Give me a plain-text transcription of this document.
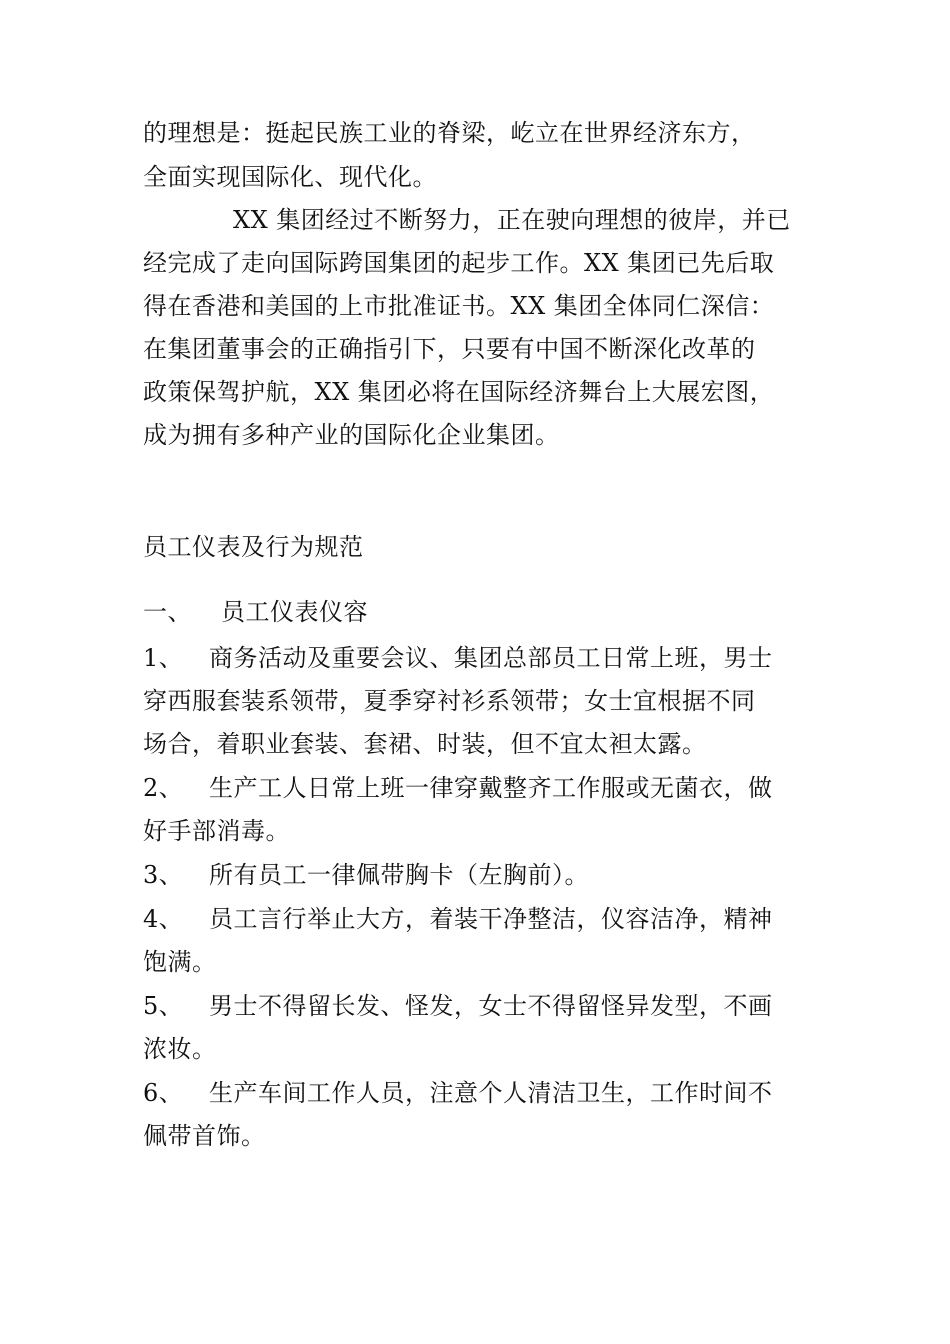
的理想是：挺起民族工业的脊梁，屹立在世界经济东方，
全面实现国际化、现代化。
XX 集团经过不断努力，正在驶向理想的彼岸，并已
经完成了走向国际跨国集团的起步工作。XX 集团已先后取
得在香港和美国的上市批准证书。XX 集团全体同仁深信：
在集团董事会的正确指引下，只要有中国不断深化改革的
政策保驾护航，XX 集团必将在国际经济舞台上大展宏图，
成为拥有多种产业的国际化企业集团。
员工仪表及行为规范
一、 员工仪表仪容
1、 商务活动及重要会议、集团总部员工日常上班，男士
穿西服套装系领带，夏季穿衬衫系领带；女士宜根据不同
场合，着职业套装、套裙、时装，但不宜太袒太露。
2、 生产工人日常上班一律穿戴整齐工作服或无菌衣，做
好手部消毒。
3、 所有员工一律佩带胸卡（左胸前）。
4、 员工言行举止大方，着装干净整洁，仪容洁净，精神
饱满。
5、 男士不得留长发、怪发，女士不得留怪异发型，不画
浓妆。
6、 生产车间工作人员，注意个人清洁卫生，工作时间不
佩带首饰。
